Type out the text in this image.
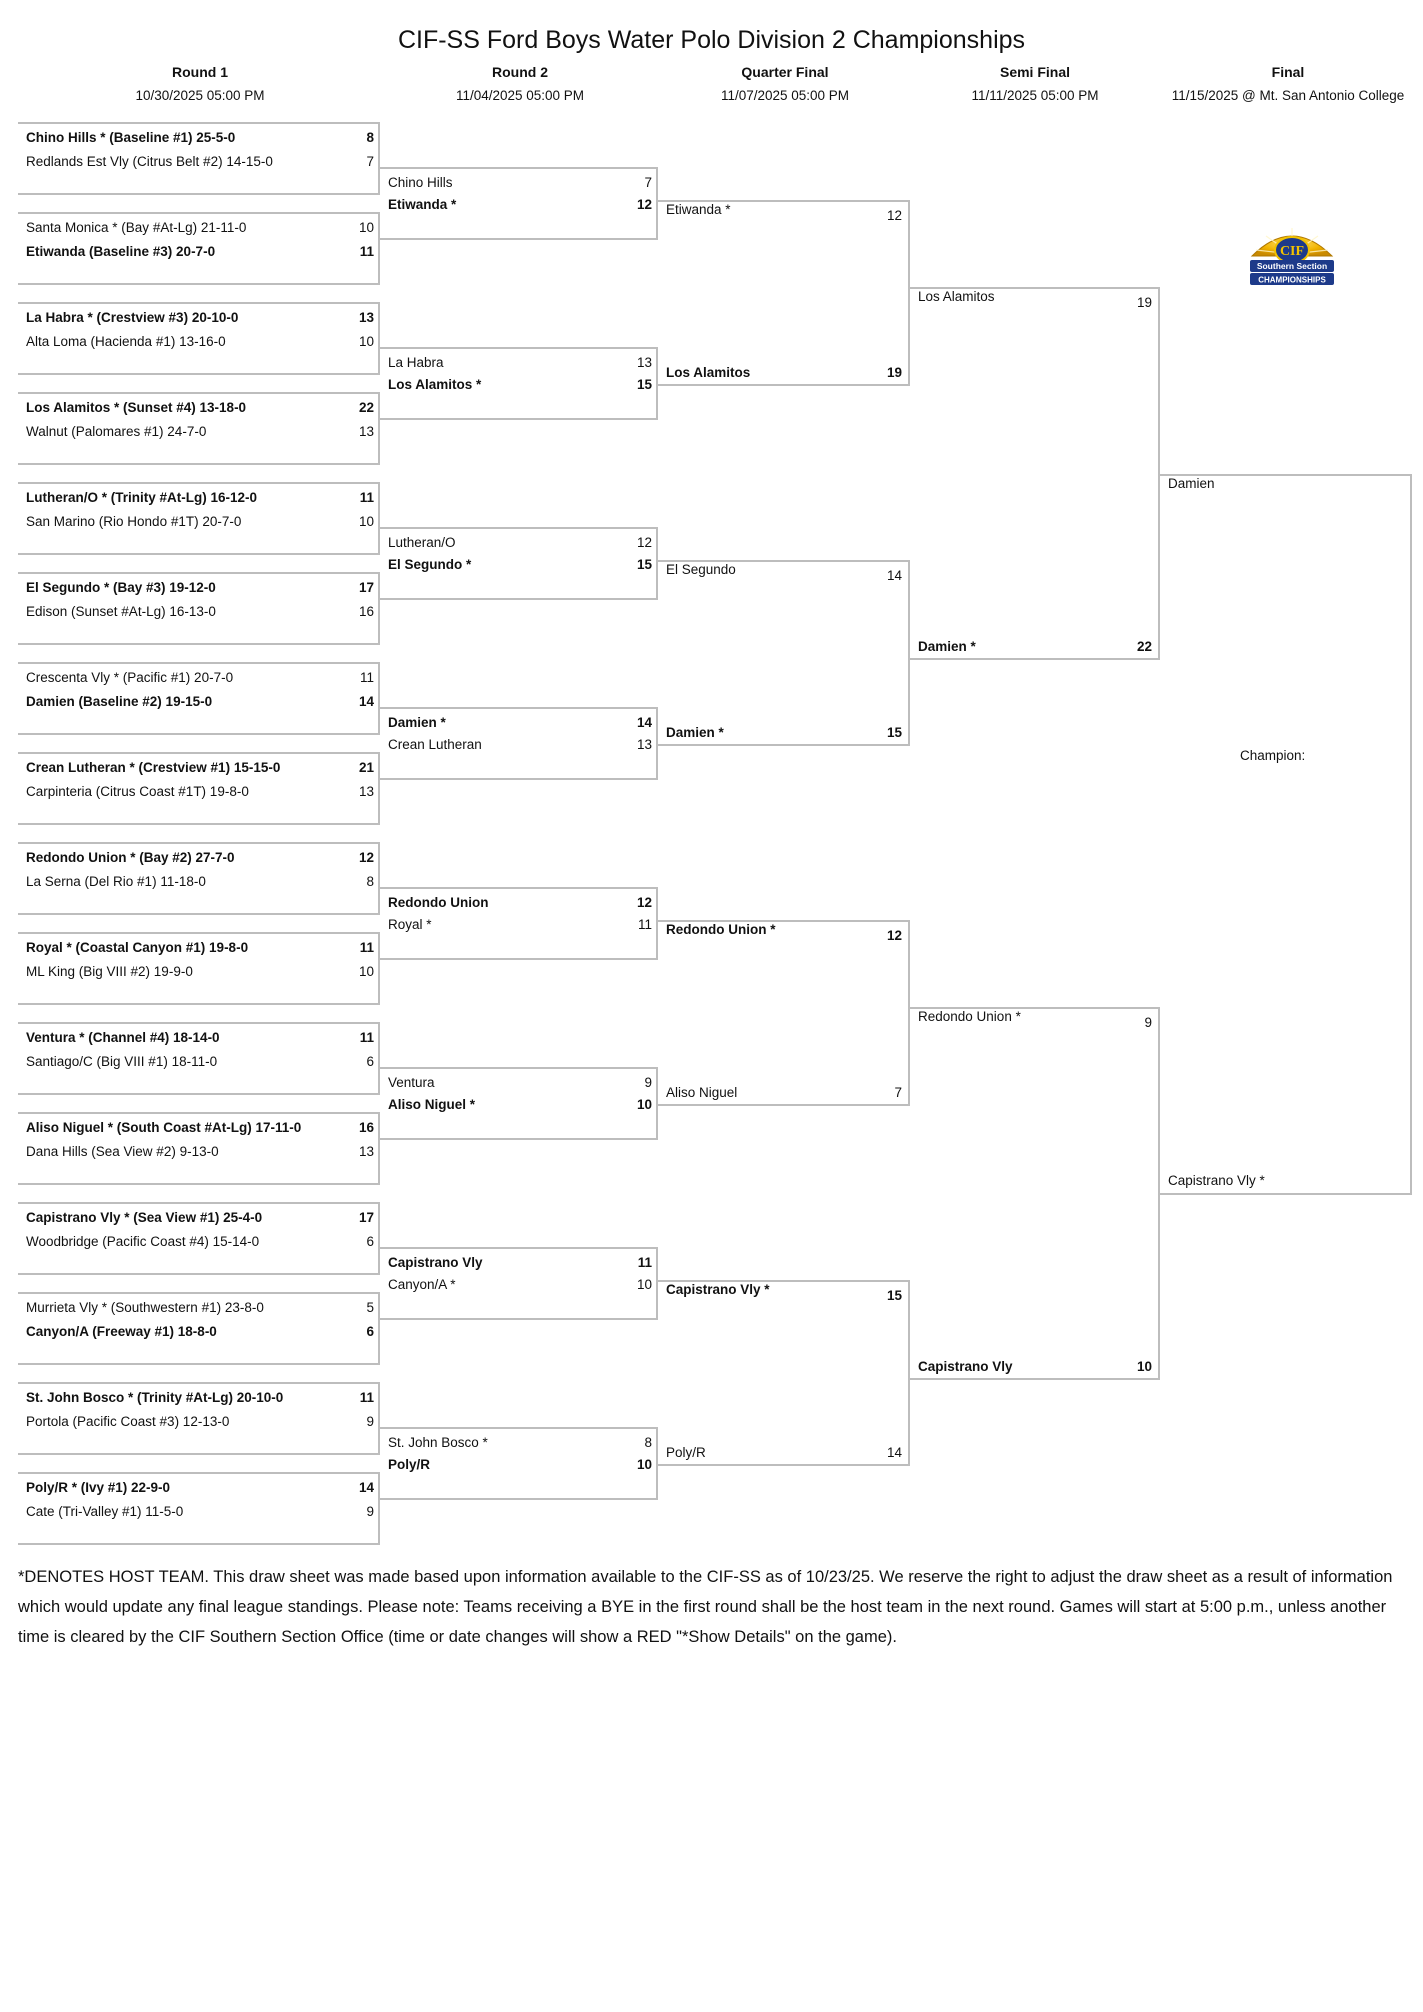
CIF-SS Ford Boys Water Polo Division 2 Championships
Round 1
10/30/2025 05:00 PM
Round 2
11/04/2025 05:00 PM
Quarter Final
11/07/2025 05:00 PM
Semi Final
11/11/2025 05:00 PM
Final
11/15/2025 @ Mt. San Antonio College
Chino Hills * (Baseline #1) 25-5-0	8
Redlands Est Vly (Citrus Belt #2) 14-15-0	7
Santa Monica * (Bay #At-Lg) 21-11-0	10
Etiwanda (Baseline #3) 20-7-0	11
La Habra * (Crestview #3) 20-10-0	13
Alta Loma (Hacienda #1) 13-16-0	10
Los Alamitos * (Sunset #4) 13-18-0	22
Walnut (Palomares #1) 24-7-0	13
Lutheran/O * (Trinity #At-Lg) 16-12-0	11
San Marino (Rio Hondo #1T) 20-7-0	10
El Segundo * (Bay #3) 19-12-0	17
Edison (Sunset #At-Lg) 16-13-0	16
Crescenta Vly * (Pacific #1) 20-7-0	11
Damien (Baseline #2) 19-15-0	14
Crean Lutheran * (Crestview #1) 15-15-0	21
Carpinteria (Citrus Coast #1T) 19-8-0	13
Redondo Union * (Bay #2) 27-7-0	12
La Serna (Del Rio #1) 11-18-0	8
Royal * (Coastal Canyon #1) 19-8-0	11
ML King (Big VIII #2) 19-9-0	10
Ventura * (Channel #4) 18-14-0	11
Santiago/C (Big VIII #1) 18-11-0	6
Aliso Niguel * (South Coast #At-Lg) 17-11-0	16
Dana Hills (Sea View #2) 9-13-0	13
Capistrano Vly * (Sea View #1) 25-4-0	17
Woodbridge (Pacific Coast #4) 15-14-0	6
Murrieta Vly * (Southwestern #1) 23-8-0	5
Canyon/A (Freeway #1) 18-8-0	6
St. John Bosco * (Trinity #At-Lg) 20-10-0	11
Portola (Pacific Coast #3) 12-13-0	9
Poly/R * (Ivy #1) 22-9-0	14
Cate (Tri-Valley #1) 11-5-0	9
Chino Hills	7
Etiwanda *	12
La Habra	13
Los Alamitos *	15
Lutheran/O	12
El Segundo *	15
Damien *	14
Crean Lutheran	13
Redondo Union	12
Royal *	11
Ventura	9
Aliso Niguel *	10
Capistrano Vly	11
Canyon/A *	10
St. John Bosco *	8
Poly/R	10
Etiwanda *	12
Los Alamitos	19
El Segundo	14
Damien *	15
Redondo Union *	12
Aliso Niguel	7
Capistrano Vly *	15
Poly/R	14
Los Alamitos	19
Damien *	22
Redondo Union *	9
Capistrano Vly	10
Damien
Capistrano Vly *
CIF
Southern Section
CHAMPIONSHIPS
Champion:
*DENOTES HOST TEAM. This draw sheet was made based upon information available to the CIF-SS as of 10/23/25. We reserve the right to adjust the draw sheet as a result of information which would update any final league standings. Please note: Teams receiving a BYE in the first round shall be the host team in the next round. Games will start at 5:00 p.m., unless another time is cleared by the CIF Southern Section Office (time or date changes will show a RED "*Show Details" on the game).
